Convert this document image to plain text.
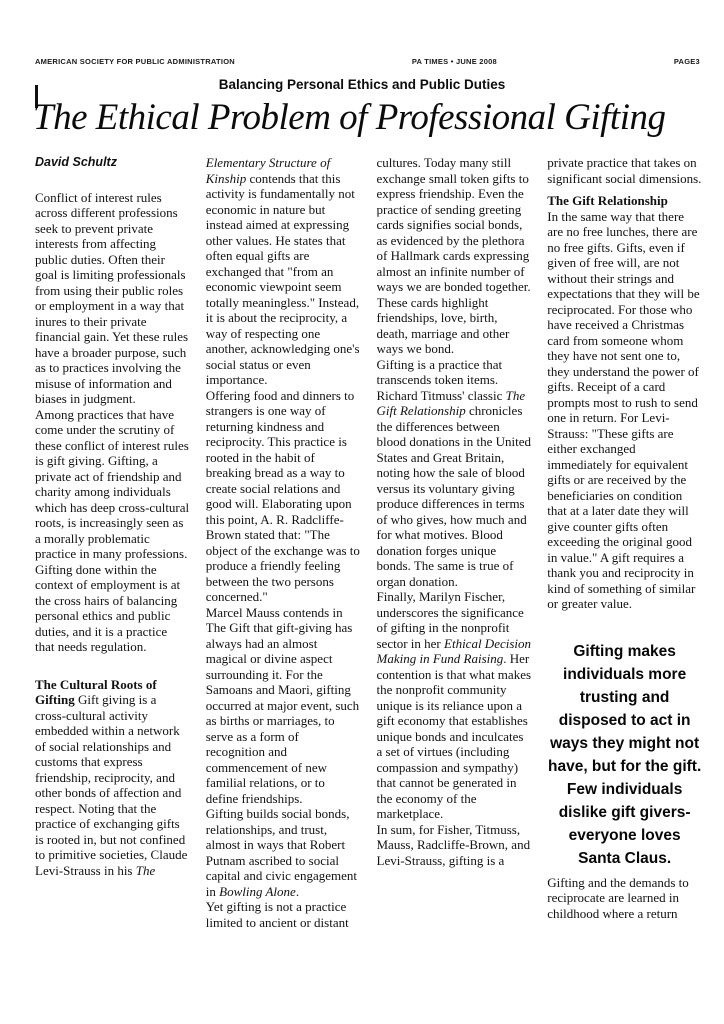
AMERICAN SOCIETY FOR PUBLIC ADMINISTRATION	PA TIMES • JUNE 2008	PAGE3
Balancing Personal Ethics and Public Duties
The Ethical Problem of Professional Gifting
David Schultz
Conflict of interest rules across different professions seek to prevent private interests from affecting public duties. Often their goal is limiting professionals from using their public roles or employment in a way that inures to their private financial gain. Yet these rules have a broader purpose, such as to practices involving the misuse of information and biases in judgment.
Among practices that have come under the scrutiny of these conflict of interest rules is gift giving. Gifting, a private act of friendship and charity among individuals which has deep cross-cultural roots, is increasingly seen as a morally problematic practice in many professions. Gifting done within the context of employment is at the cross hairs of balancing personal ethics and public duties, and it is a practice that needs regulation.
The Cultural Roots of Gifting Gift giving is a cross-cultural activity embedded within a network of social relationships and customs that express friendship, reciprocity, and other bonds of affection and respect. Noting that the practice of exchanging gifts is rooted in, but not confined to primitive societies, Claude Levi-Strauss in his The
Elementary Structure of Kinship contends that this activity is fundamentally not economic in nature but instead aimed at expressing other values. He states that often equal gifts are exchanged that "from an economic viewpoint seem totally meaningless." Instead, it is about the reciprocity, a way of respecting one another, acknowledging one's social status or even importance.
Offering food and dinners to strangers is one way of returning kindness and reciprocity. This practice is rooted in the habit of breaking bread as a way to create social relations and good will. Elaborating upon this point, A. R. Radcliffe-Brown stated that: "The object of the exchange was to produce a friendly feeling between the two persons concerned."
Marcel Mauss contends in The Gift that gift-giving has always had an almost magical or divine aspect surrounding it. For the Samoans and Maori, gifting occurred at major event, such as births or marriages, to serve as a form of recognition and commencement of new familial relations, or to define friendships.
Gifting builds social bonds, relationships, and trust, almost in ways that Robert Putnam ascribed to social capital and civic engagement in Bowling Alone.
Yet gifting is not a practice limited to ancient or distant
cultures. Today many still exchange small token gifts to express friendship. Even the practice of sending greeting cards signifies social bonds, as evidenced by the plethora of Hallmark cards expressing almost an infinite number of ways we are bonded together. These cards highlight friendships, love, birth, death, marriage and other ways we bond.
Gifting is a practice that transcends token items. Richard Titmuss' classic The Gift Relationship chronicles the differences between blood donations in the United States and Great Britain, noting how the sale of blood versus its voluntary giving produce differences in terms of who gives, how much and for what motives. Blood donation forges unique bonds. The same is true of organ donation.
Finally, Marilyn Fischer, underscores the significance of gifting in the nonprofit sector in her Ethical Decision Making in Fund Raising. Her contention is that what makes the nonprofit community unique is its reliance upon a gift economy that establishes unique bonds and inculcates a set of virtues (including compassion and sympathy) that cannot be generated in the economy of the marketplace.
In sum, for Fisher, Titmuss, Mauss, Radcliffe-Brown, and Levi-Strauss, gifting is a
private practice that takes on significant social dimensions.
The Gift Relationship
In the same way that there are no free lunches, there are no free gifts. Gifts, even if given of free will, are not without their strings and expectations that they will be reciprocated. For those who have received a Christmas card from someone whom they have not sent one to, they understand the power of gifts. Receipt of a card prompts most to rush to send one in return. For Levi-Strauss: "These gifts are either exchanged immediately for equivalent gifts or are received by the beneficiaries on condition that at a later date they will give counter gifts often exceeding the original good in value." A gift requires a thank you and reciprocity in kind of something of similar or greater value.
Gifting makes individuals more trusting and disposed to act in ways they might not have, but for the gift.
Few individuals dislike gift givers- everyone loves Santa Claus.
Gifting and the demands to reciprocate are learned in childhood where a return
